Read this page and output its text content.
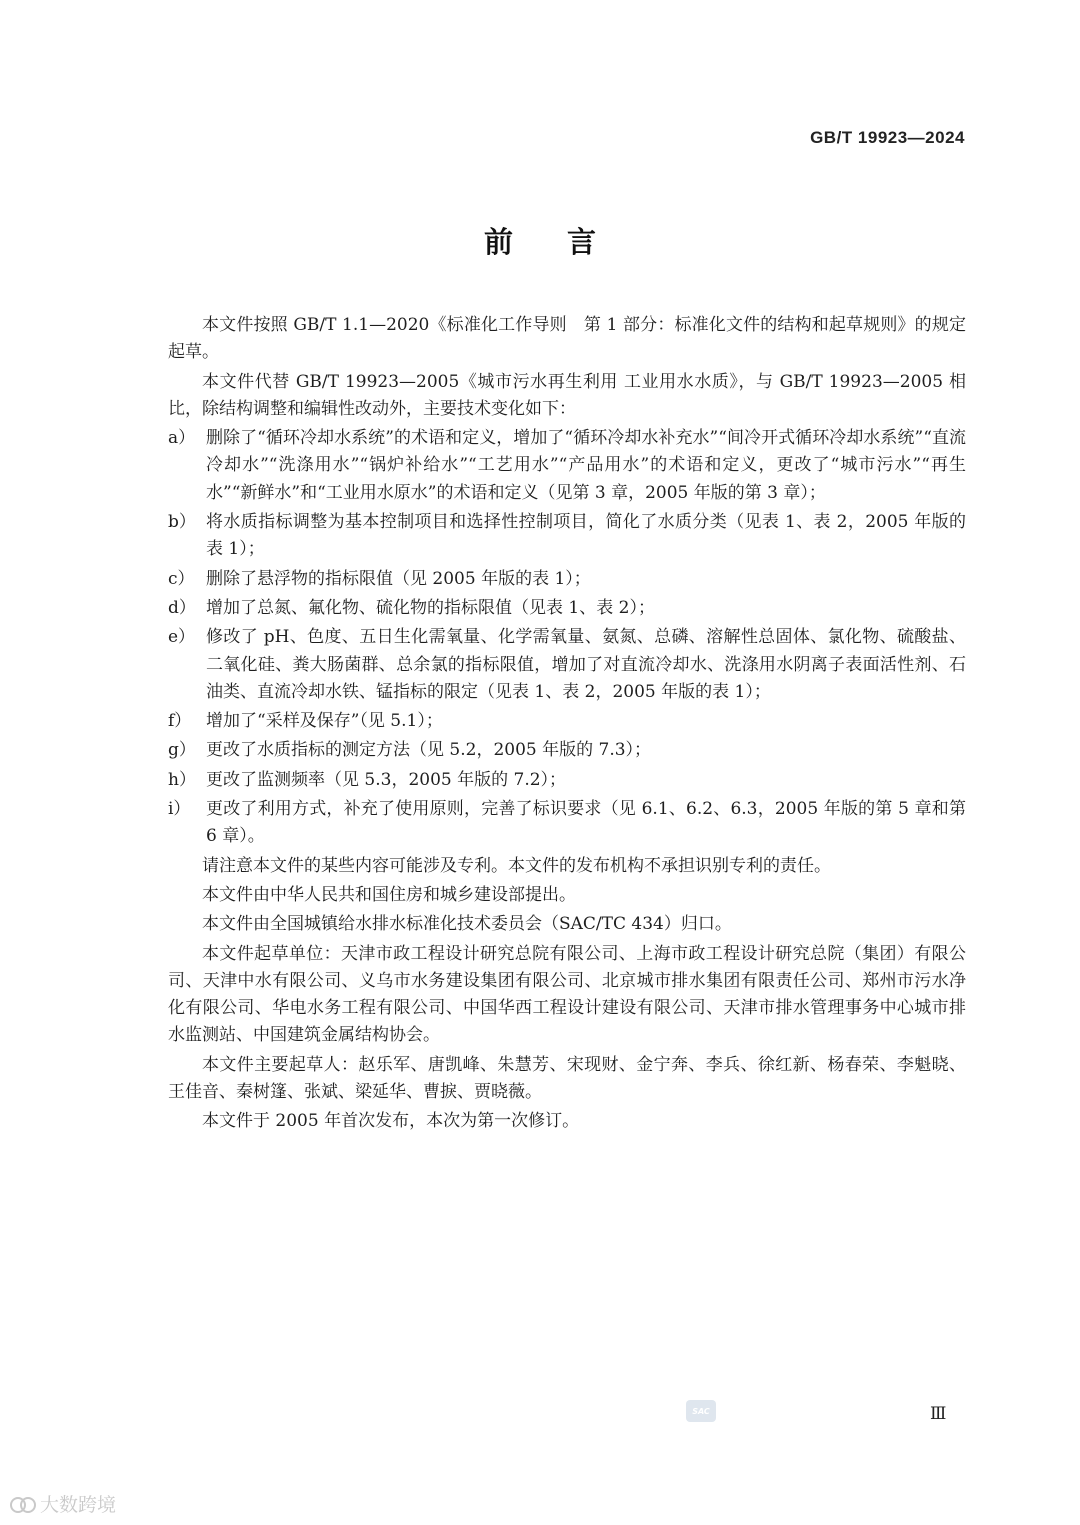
GB/T 19923—2024
前言

本文件按照 GB/T 1.1—2020《标准化工作导则　第 1 部分：标准化文件的结构和起草规则》的规定起草。

本文件代替 GB/T 19923—2005《城市污水再生利用 工业用水水质》，与 GB/T 19923—2005 相比，除结构调整和编辑性改动外，主要技术变化如下：

a） 删除了“循环冷却水系统”的术语和定义，增加了“循环冷却水补充水”“间冷开式循环冷却水系统”“直流冷却水”“洗涤用水”“锅炉补给水”“工艺用水”“产品用水”的术语和定义，更改了“城市污水”“再生水”“新鲜水”和“工业用水原水”的术语和定义（见第 3 章，2005 年版的第 3 章）；
b） 将水质指标调整为基本控制项目和选择性控制项目，简化了水质分类（见表 1、表 2，2005 年版的表 1）；
c） 删除了悬浮物的指标限值（见 2005 年版的表 1）；
d） 增加了总氮、氟化物、硫化物的指标限值（见表 1、表 2）；
e） 修改了 pH、色度、五日生化需氧量、化学需氧量、氨氮、总磷、溶解性总固体、氯化物、硫酸盐、二氧化硅、粪大肠菌群、总余氯的指标限值，增加了对直流冷却水、洗涤用水阴离子表面活性剂、石油类、直流冷却水铁、锰指标的限定（见表 1、表 2，2005 年版的表 1）；
f） 增加了“采样及保存”（见 5.1）；
g） 更改了水质指标的测定方法（见 5.2，2005 年版的 7.3）；
h） 更改了监测频率（见 5.3，2005 年版的 7.2）；
i） 更改了利用方式，补充了使用原则，完善了标识要求（见 6.1、6.2、6.3，2005 年版的第 5 章和第 6 章）。

请注意本文件的某些内容可能涉及专利。本文件的发布机构不承担识别专利的责任。

本文件由中华人民共和国住房和城乡建设部提出。

本文件由全国城镇给水排水标准化技术委员会（SAC/TC 434）归口。

本文件起草单位：天津市政工程设计研究总院有限公司、上海市政工程设计研究总院（集团）有限公司、天津中水有限公司、义乌市水务建设集团有限公司、北京城市排水集团有限责任公司、郑州市污水净化有限公司、华电水务工程有限公司、中国华西工程设计建设有限公司、天津市排水管理事务中心城市排水监测站、中国建筑金属结构协会。

本文件主要起草人：赵乐军、唐凯峰、朱慧芳、宋现财、金宁奔、李兵、徐红新、杨春荣、李魁晓、王佳音、秦树篷、张斌、梁延华、曹捩、贾晓薇。

本文件于 2005 年首次发布，本次为第一次修订。

SAC	Ⅲ
大数跨境
